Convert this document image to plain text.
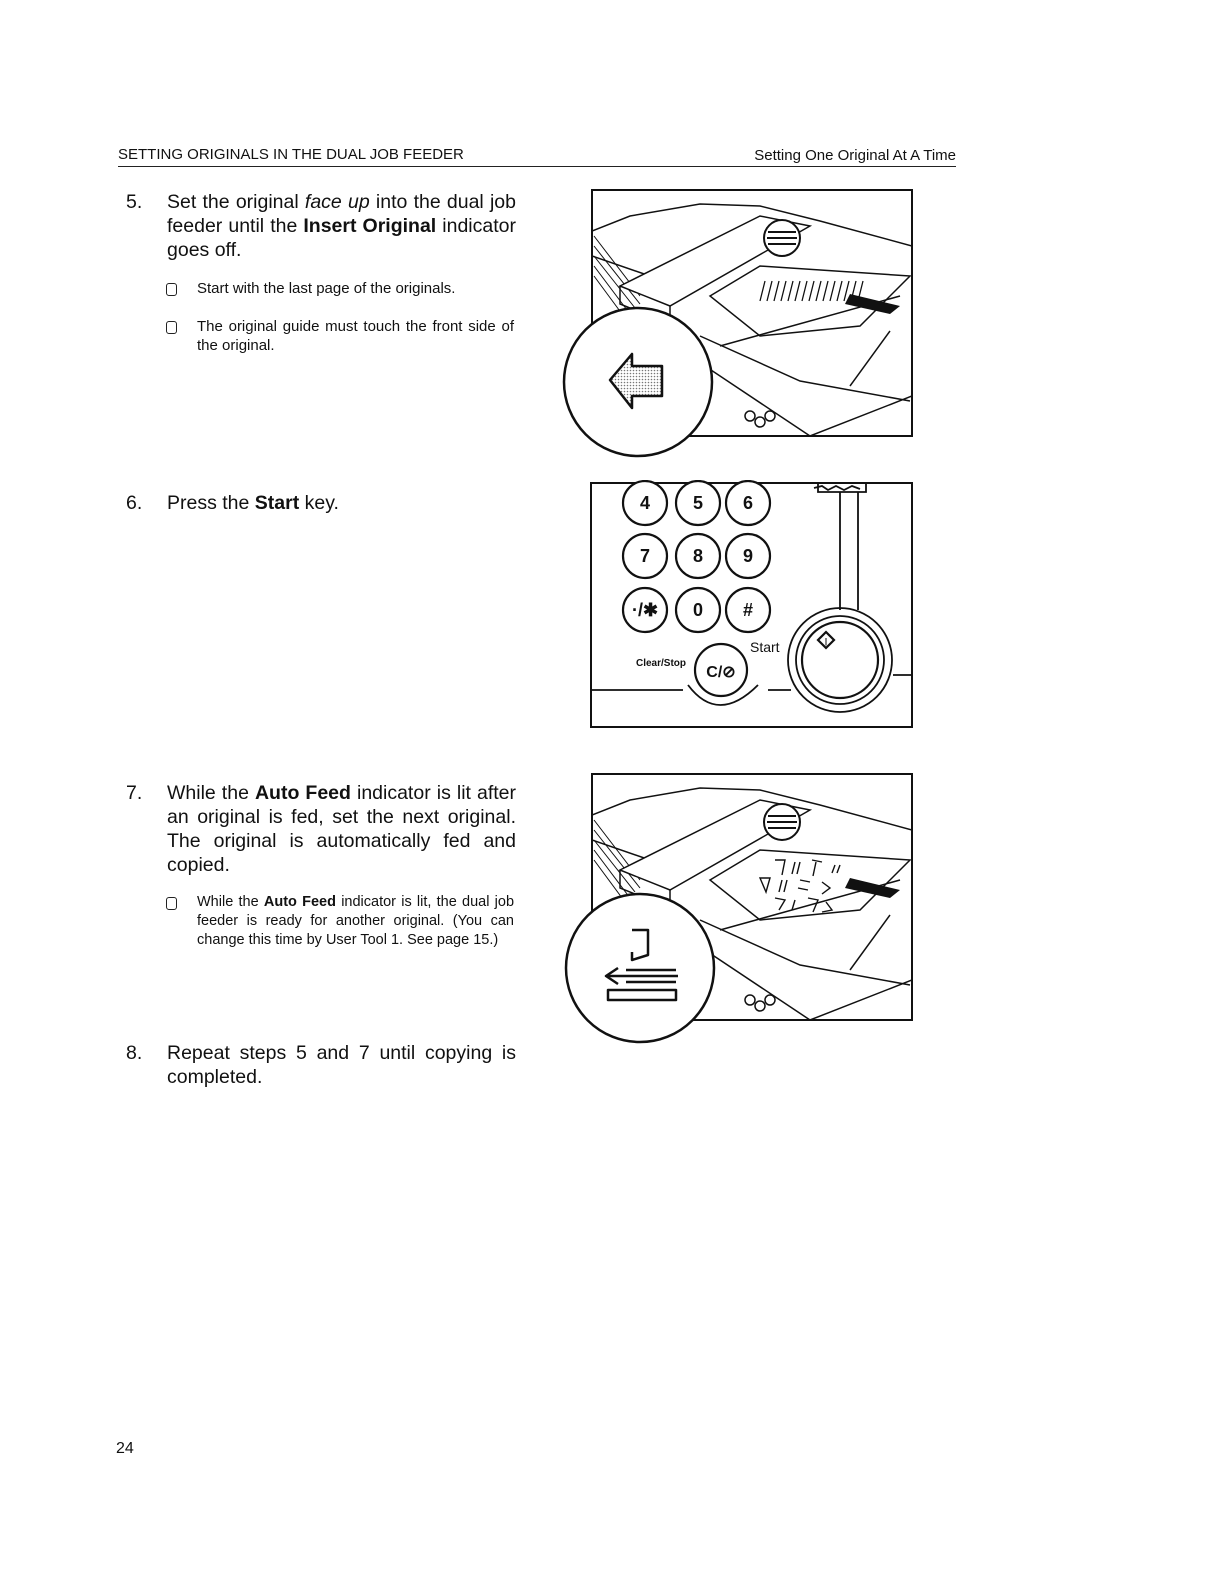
SETTING ORIGINALS IN THE DUAL JOB FEEDER	Setting One Original At A Time
5. Set the original face up into the dual job feeder until the Insert Original indicator goes off.
Start with the last page of the originals.
The original guide must touch the front side of the original.
6. Press the Start key.	4 5 6
7 8 9
·/✱ 0 #
Start	|
Clear/Stop
C/⊘
7. While the Auto Feed indicator is lit after an original is fed, set the next original. The original is automatically fed and copied.
While the Auto Feed indicator is lit, the dual job feeder is ready for another original. (You can change this time by User Tool 1. See page 15.)
8. Repeat steps 5 and 7 until copying is completed.
24
